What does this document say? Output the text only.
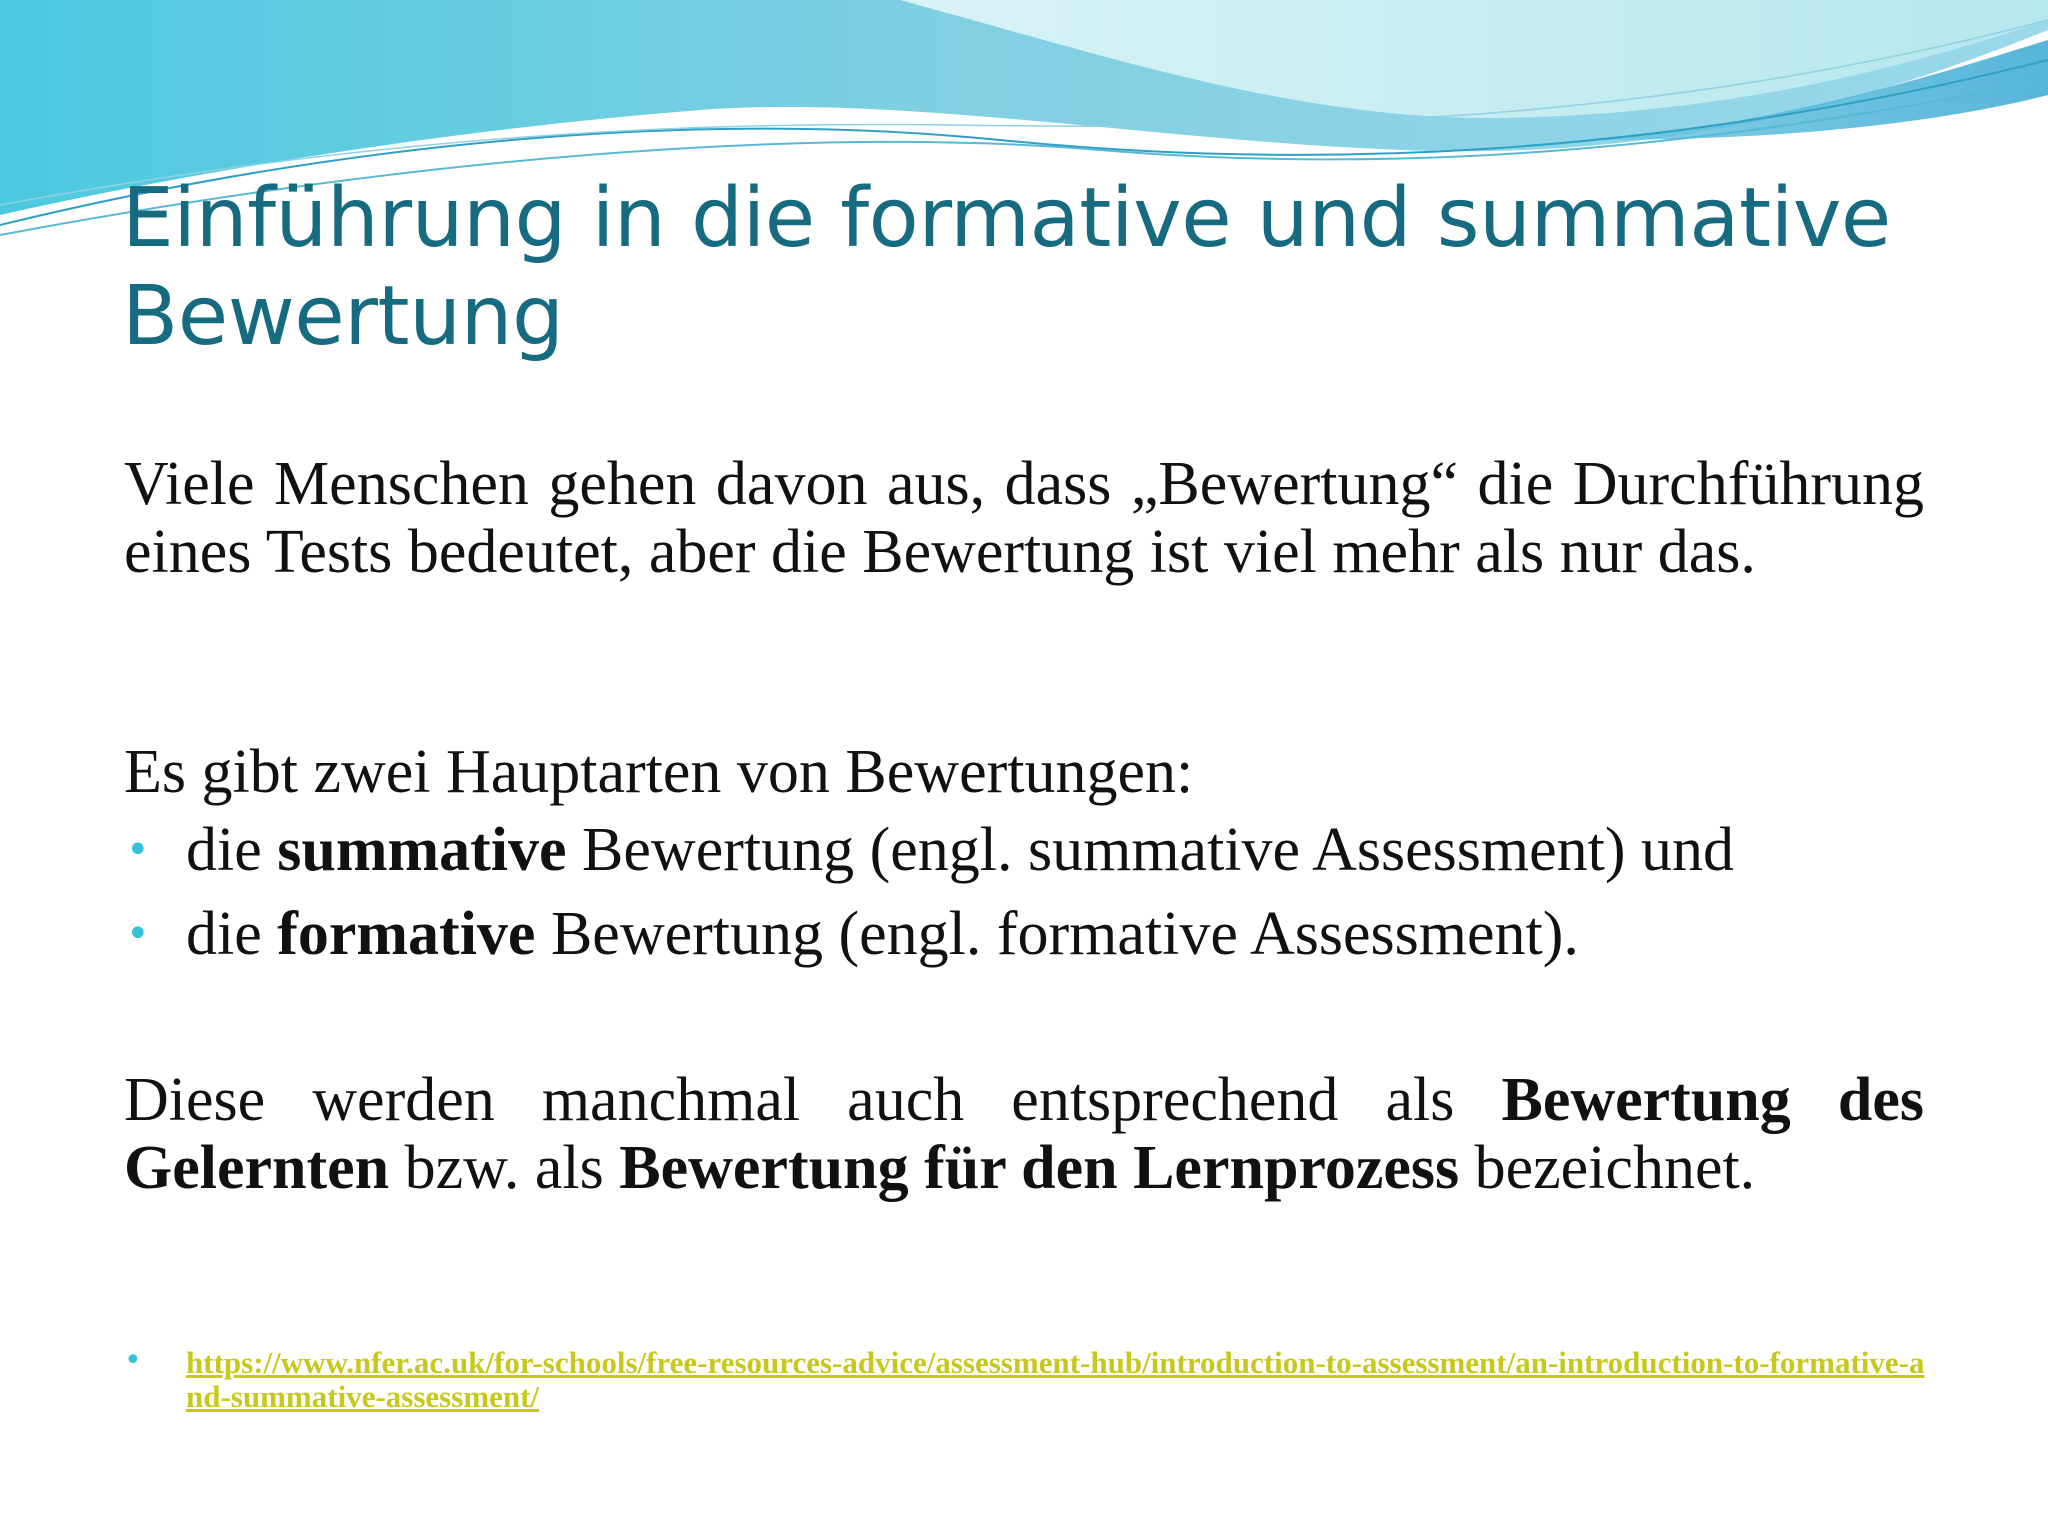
Einführung in die formative und summative Bewertung

Viele Menschen gehen davon aus, dass „Bewertung“ die Durchführung eines Tests bedeutet, aber die Bewertung ist viel mehr als nur das.

Es gibt zwei Hauptarten von Bewertungen:

• die summative Bewertung (engl. summative Assessment) und
• die formative Bewertung (engl. formative Assessment).

Diese werden manchmal auch entsprechend als Bewertung des Gelernten bzw. als Bewertung für den Lernprozess bezeichnet.

• https://www.nfer.ac.uk/for-schools/free-resources-advice/assessment-hub/introduction-to-assessment/an-introduction-to-formative-and-summative-assessment/
